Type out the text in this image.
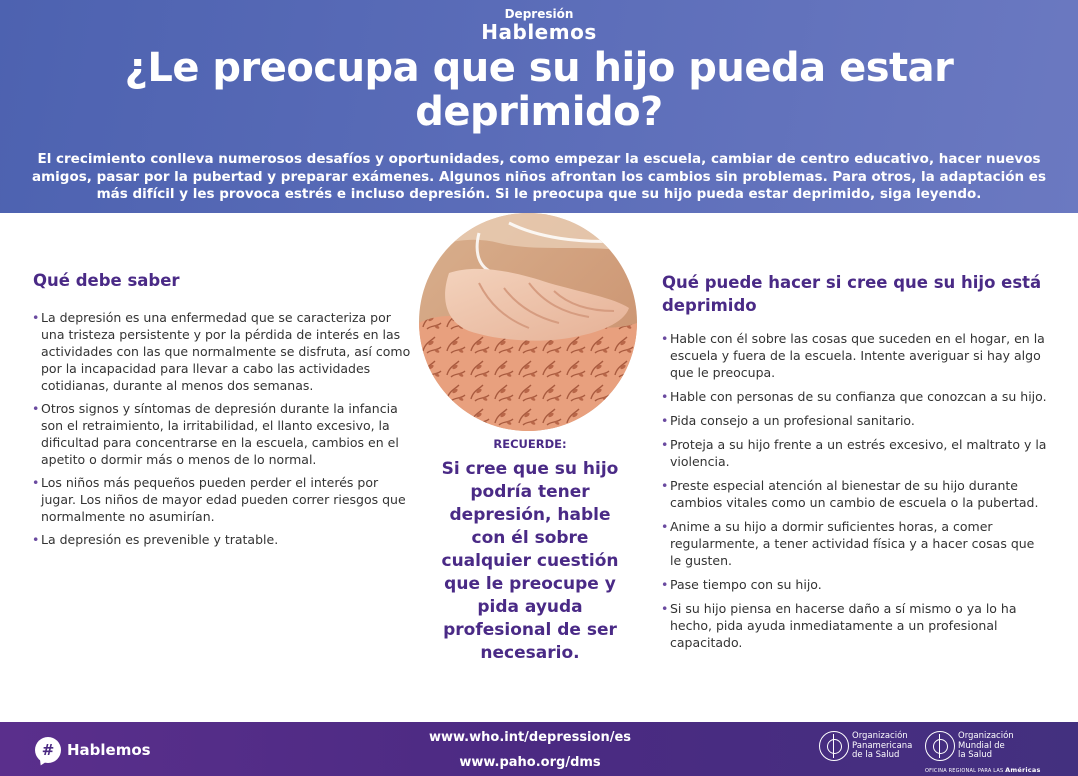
Depresión
Hablemos
¿Le preocupa que su hijo pueda estar
deprimido?
El crecimiento conlleva numerosos desafíos y oportunidades, como empezar la escuela, cambiar de centro educativo, hacer nuevos amigos, pasar por la pubertad y preparar exámenes. Algunos niños afrontan los cambios sin problemas. Para otros, la adaptación es más difícil y les provoca estrés e incluso depresión. Si le preocupa que su hijo pueda estar deprimido, siga leyendo.
Qué debe saber
• La depresión es una enfermedad que se caracteriza por una tristeza persistente y por la pérdida de interés en las actividades con las que normalmente se disfruta, así como por la incapacidad para llevar a cabo las actividades cotidianas, durante al menos dos semanas.
• Otros signos y síntomas de depresión durante la infancia son el retraimiento, la irritabilidad, el llanto excesivo, la dificultad para concentrarse en la escuela, cambios en el apetito o dormir más o menos de lo normal.
• Los niños más pequeños pueden perder el interés por jugar. Los niños de mayor edad pueden correr riesgos que normalmente no asumirían.
• La depresión es prevenible y tratable.
RECUERDE:
Si cree que su hijo podría tener depresión, hable con él sobre cualquier cuestión que le preocupe y pida ayuda profesional de ser necesario.
Qué puede hacer si cree que su hijo está deprimido
• Hable con él sobre las cosas que suceden en el hogar, en la escuela y fuera de la escuela. Intente averiguar si hay algo que le preocupa.
• Hable con personas de su confianza que conozcan a su hijo.
• Pida consejo a un profesional sanitario.
• Proteja a su hijo frente a un estrés excesivo, el maltrato y la violencia.
• Preste especial atención al bienestar de su hijo durante cambios vitales como un cambio de escuela o la pubertad.
• Anime a su hijo a dormir suficientes horas, a comer regularmente, a tener actividad física y a hacer cosas que le gusten.
• Pase tiempo con su hijo.
• Si su hijo piensa en hacerse daño a sí mismo o ya lo ha hecho, pida ayuda inmediatamente a un profesional capacitado.
# Hablemos
www.who.int/depression/es
www.paho.org/dms
Organización
Panamericana
de la Salud
Organización
Mundial de la Salud
OFICINA REGIONAL PARA LAS Américas
